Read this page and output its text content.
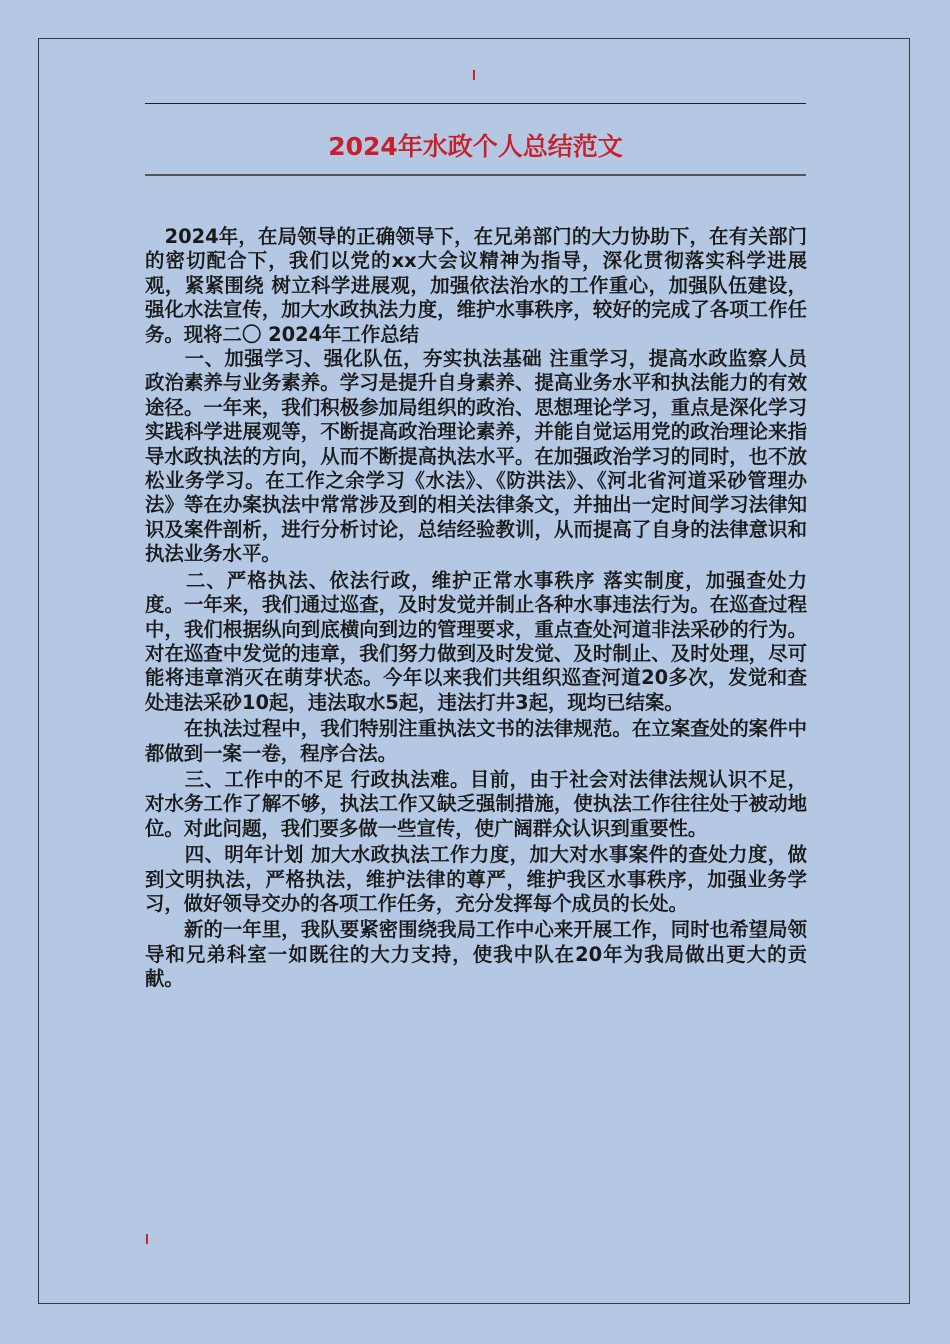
l
2024年水政个人总结范文

　2024年，在局领导的正确领导下，在兄弟部门的大力协助下，在有关部门的密切配合下，我们以党的xx大会议精神为指导，深化贯彻落实科学进展观，紧紧围绕 树立科学进展观，加强依法治水的工作重心，加强队伍建设，强化水法宣传，加大水政执法力度，维护水事秩序，较好的完成了各项工作任务。现将二〇 2024年工作总结

　　一、加强学习、强化队伍，夯实执法基础 注重学习，提高水政监察人员政治素养与业务素养。学习是提升自身素养、提高业务水平和执法能力的有效途径。一年来，我们积极参加局组织的政治、思想理论学习，重点是深化学习实践科学进展观等，不断提高政治理论素养，并能自觉运用党的政治理论来指导水政执法的方向，从而不断提高执法水平。在加强政治学习的同时，也不放松业务学习。在工作之余学习《水法》、《防洪法》、《河北省河道采砂管理办法》等在办案执法中常常涉及到的相关法律条文，并抽出一定时间学习法律知识及案件剖析，进行分析讨论，总结经验教训，从而提高了自身的法律意识和执法业务水平。

　　二、严格执法、依法行政，维护正常水事秩序 落实制度，加强查处力度。一年来，我们通过巡查，及时发觉并制止各种水事违法行为。在巡查过程中，我们根据纵向到底横向到边的管理要求，重点查处河道非法采砂的行为。对在巡查中发觉的违章，我们努力做到及时发觉、及时制止、及时处理，尽可能将违章消灭在萌芽状态。今年以来我们共组织巡查河道20多次，发觉和查处违法采砂10起，违法取水5起，违法打井3起，现均已结案。

　　在执法过程中，我们特别注重执法文书的法律规范。在立案查处的案件中都做到一案一卷，程序合法。

　　三、工作中的不足 行政执法难。目前，由于社会对法律法规认识不足，对水务工作了解不够，执法工作又缺乏强制措施，使执法工作往往处于被动地位。对此问题，我们要多做一些宣传，使广阔群众认识到重要性。

　　四、明年计划 加大水政执法工作力度，加大对水事案件的查处力度，做到文明执法，严格执法，维护法律的尊严，维护我区水事秩序，加强业务学习，做好领导交办的各项工作任务，充分发挥每个成员的长处。

　　新的一年里，我队要紧密围绕我局工作中心来开展工作，同时也希望局领导和兄弟科室一如既往的大力支持，使我中队在20年为我局做出更大的贡献。

l
